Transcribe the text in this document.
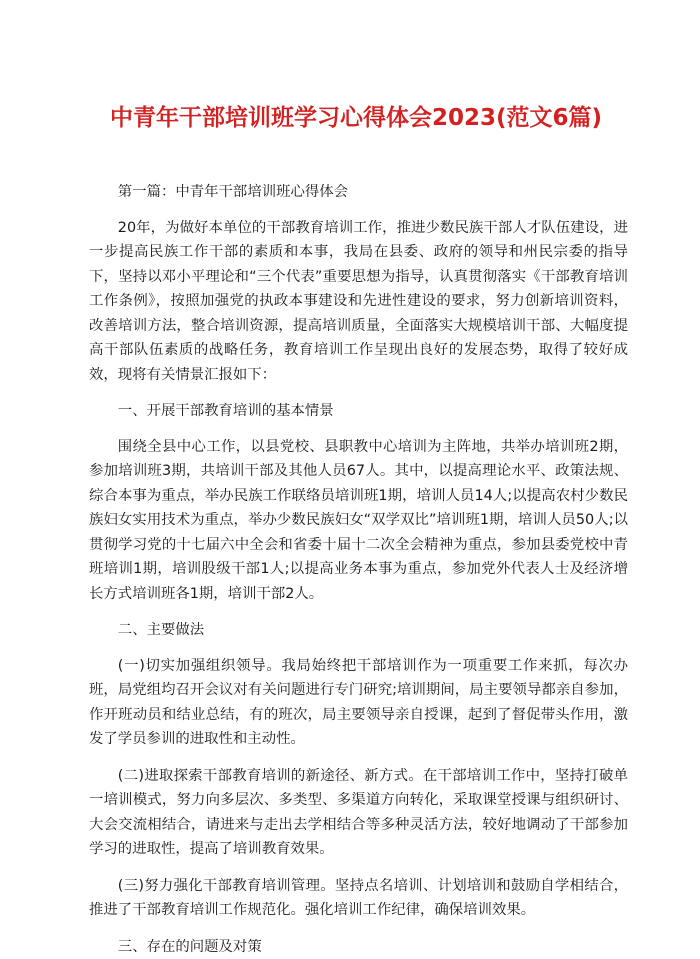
中青年干部培训班学习心得体会2023(范文6篇)

第一篇：中青年干部培训班心得体会

20年，为做好本单位的干部教育培训工作，推进少数民族干部人才队伍建设，进一步提高民族工作干部的素质和本事，我局在县委、政府的领导和州民宗委的指导下，坚持以邓小平理论和“三个代表”重要思想为指导，认真贯彻落实《干部教育培训工作条例》，按照加强党的执政本事建设和先进性建设的要求，努力创新培训资料，改善培训方法，整合培训资源，提高培训质量，全面落实大规模培训干部、大幅度提高干部队伍素质的战略任务，教育培训工作呈现出良好的发展态势，取得了较好成效，现将有关情景汇报如下：

一、开展干部教育培训的基本情景

围绕全县中心工作，以县党校、县职教中心培训为主阵地，共举办培训班2期，参加培训班3期，共培训干部及其他人员67人。其中，以提高理论水平、政策法规、综合本事为重点，举办民族工作联络员培训班1期，培训人员14人;以提高农村少数民族妇女实用技术为重点，举办少数民族妇女“双学双比”培训班1期，培训人员50人;以贯彻学习党的十七届六中全会和省委十届十二次全会精神为重点，参加县委党校中青班培训1期，培训股级干部1人;以提高业务本事为重点，参加党外代表人士及经济增长方式培训班各1期，培训干部2人。

二、主要做法

(一)切实加强组织领导。我局始终把干部培训作为一项重要工作来抓，每次办班，局党组均召开会议对有关问题进行专门研究;培训期间，局主要领导都亲自参加，作开班动员和结业总结，有的班次，局主要领导亲自授课，起到了督促带头作用，激发了学员参训的进取性和主动性。

(二)进取探索干部教育培训的新途径、新方式。在干部培训工作中，坚持打破单一培训模式，努力向多层次、多类型、多渠道方向转化，采取课堂授课与组织研讨、大会交流相结合，请进来与走出去学相结合等多种灵活方法，较好地调动了干部参加学习的进取性，提高了培训教育效果。

(三)努力强化干部教育培训管理。坚持点名培训、计划培训和鼓励自学相结合，推进了干部教育培训工作规范化。强化培训工作纪律，确保培训效果。

三、存在的问题及对策
